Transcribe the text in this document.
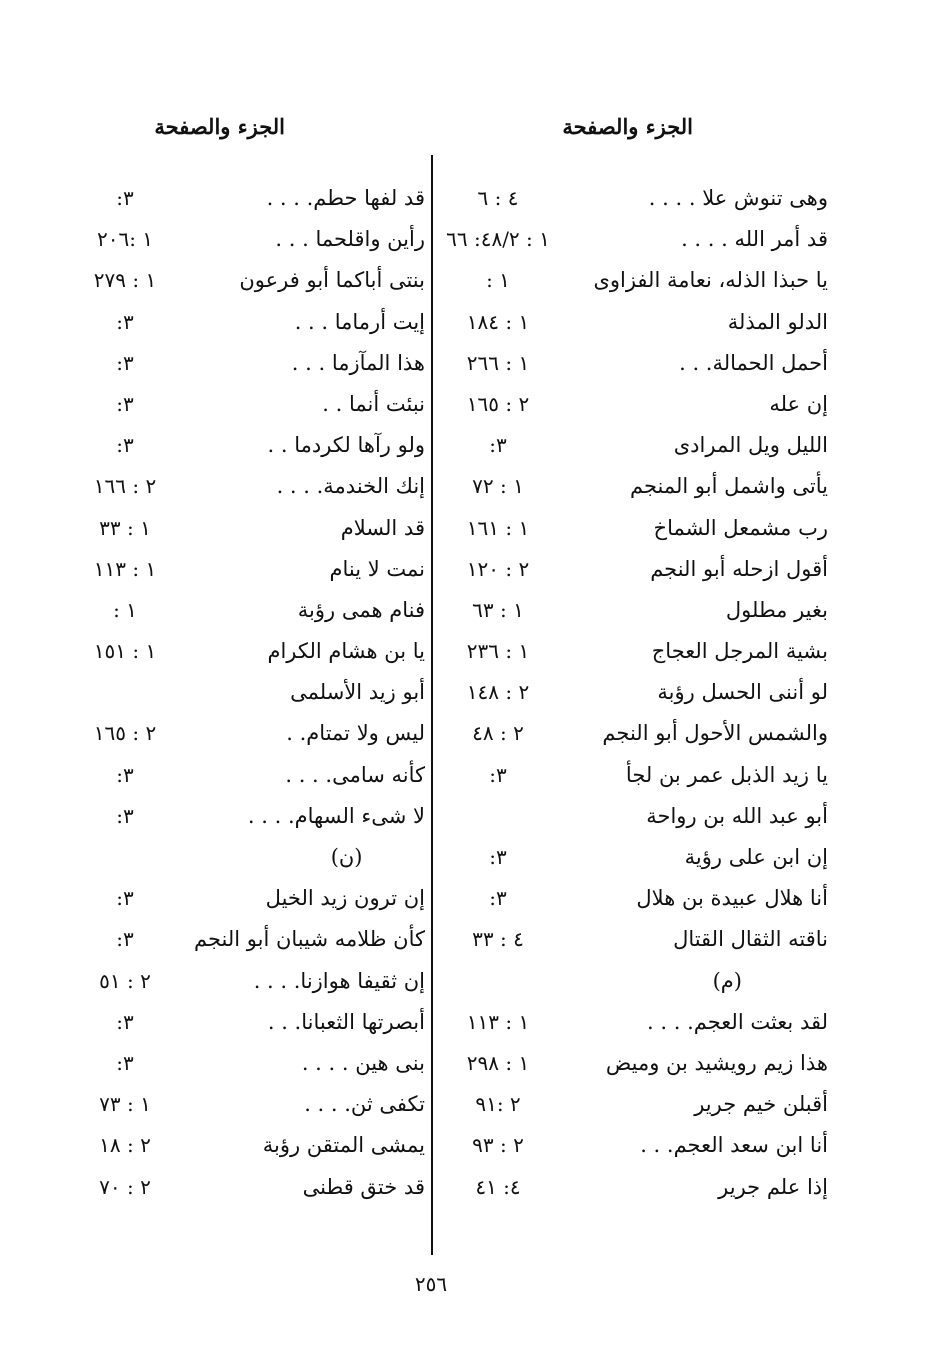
الجزء والصفحة
الجزء والصفحة
وهى تنوش علا . . . .
٤ : ٦
قد أمر الله . . . .
١ : ٤٨/٢: ٦٦
يا حبذا الذله، نعامة الفزاوى
١ :
الدلو المذلة
١ : ١٨٤
أحمل الحمالة. . .
١ : ٢٦٦
إن عله
٢ : ١٦٥
الليل ويل المرادى
٣:
يأتى واشمل أبو المنجم
١ : ٧٢
رب مشمعل الشماخ
١ : ١٦١
أقول ازحله أبو النجم
٢ : ١٢٠
بغير مطلول
١ : ٦٣
بشية المرجل العجاج
١ : ٢٣٦
لو أننى الحسل رؤبة
٢ : ١٤٨
والشمس الأحول أبو النجم
٢ : ٤٨
يا زيد الذبل عمر بن لجأ
٣:
أبو عبد الله بن رواحة
إن ابن على رؤية
٣:
أنا هلال عبيدة بن هلال
٣:
ناقته الثقال القتال
٤ : ٣٣
(م)
لقد بعثت العجم. . . .
١ : ١١٣
هذا زيم رويشيد بن وميض
١ : ٢٩٨
أقبلن خيم جرير
٢ :٩١
أنا ابن سعد العجم. . .
٢ : ٩٣
إذا علم جرير
٤: ٤١
قد لفها حطم. . . .
٣:
رأين واقلحما . . .
١ :٢٠٦
بنتى أباكما أبو فرعون
١ : ٢٧٩
إيت أرماما . . .
٣:
هذا المآزما . . .
٣:
نبئت أنما . .
٣:
ولو رآها لكردما . .
٣:
إنك الخندمة. . . .
٢ : ١٦٦
قد السلام
١ : ٣٣
نمت لا ينام
١ : ١١٣
فنام همى رؤبة
١ :
يا بن هشام الكرام
١ : ١٥١
أبو زيد الأسلمى
ليس ولا تمتام. .
٢ : ١٦٥
كأنه سامى. . . .
٣:
لا شىء السهام. . . .
٣:
(ن)
إن ترون زيد الخيل
٣:
كأن ظلامه شيبان أبو النجم
٣:
إن ثقيفا هوازنا. . . .
٢ : ٥١
أبصرتها الثعبانا. . .
٣:
بنى هين . . . .
٣:
تكفى ثن. . . .
١ : ٧٣
يمشى المتقن رؤبة
٢ : ١٨
قد ختق قطنى
٢ : ٧٠
٢٥٦
